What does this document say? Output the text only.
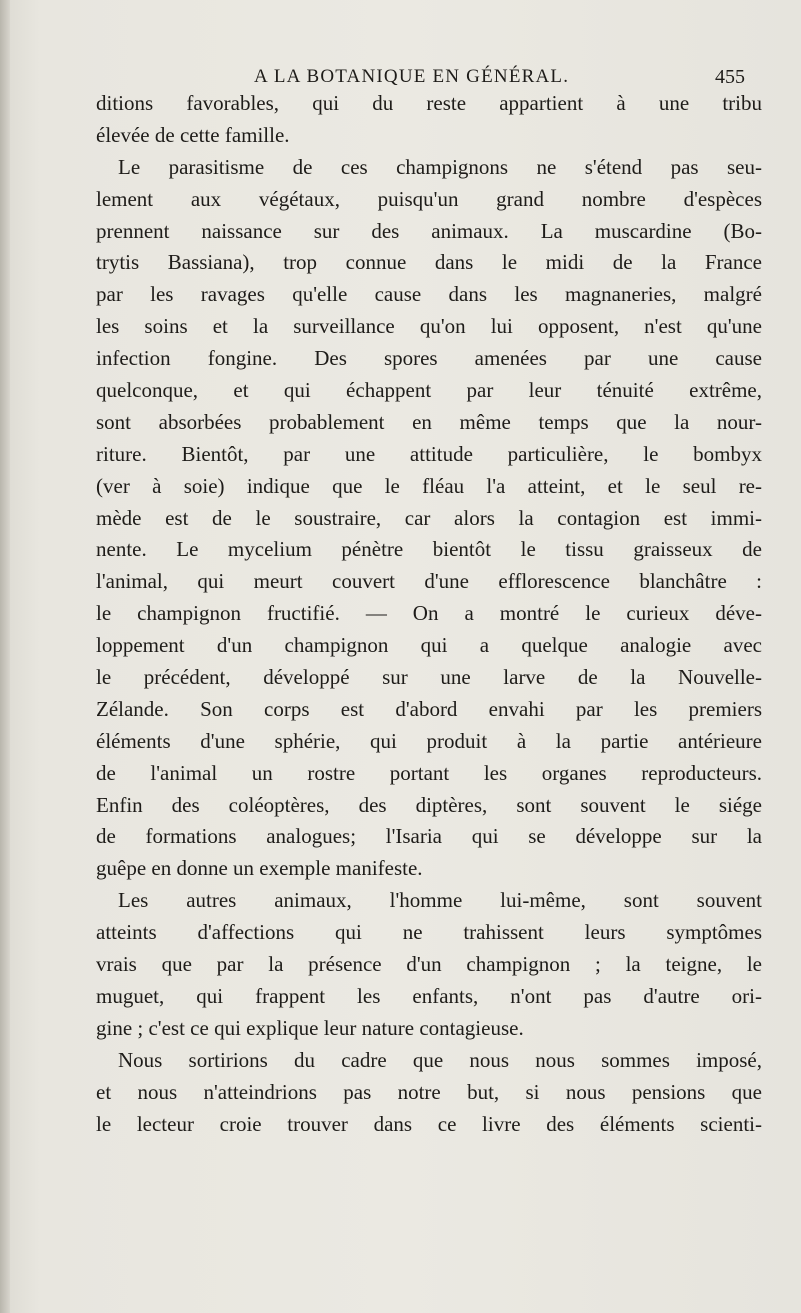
A LA BOTANIQUE EN GÉNÉRAL.	455
ditions favorables, qui du reste appartient à une tribu
élevée de cette famille.
Le parasitisme de ces champignons ne s'étend pas seu-
lement aux végétaux, puisqu'un grand nombre d'espèces
prennent naissance sur des animaux. La muscardine (Bo-
trytis Bassiana), trop connue dans le midi de la France
par les ravages qu'elle cause dans les magnaneries, malgré
les soins et la surveillance qu'on lui opposent, n'est qu'une
infection fongine. Des spores amenées par une cause
quelconque, et qui échappent par leur ténuité extrême,
sont absorbées probablement en même temps que la nour-
riture. Bientôt, par une attitude particulière, le bombyx
(ver à soie) indique que le fléau l'a atteint, et le seul re-
mède est de le soustraire, car alors la contagion est immi-
nente. Le mycelium pénètre bientôt le tissu graisseux de
l'animal, qui meurt couvert d'une efflorescence blanchâtre :
le champignon fructifié. — On a montré le curieux déve-
loppement d'un champignon qui a quelque analogie avec
le précédent, développé sur une larve de la Nouvelle-
Zélande. Son corps est d'abord envahi par les premiers
éléments d'une sphérie, qui produit à la partie antérieure
de l'animal un rostre portant les organes reproducteurs.
Enfin des coléoptères, des diptères, sont souvent le siége
de formations analogues; l'Isaria qui se développe sur la
guêpe en donne un exemple manifeste.
Les autres animaux, l'homme lui-même, sont souvent
atteints d'affections qui ne trahissent leurs symptômes
vrais que par la présence d'un champignon ; la teigne, le
muguet, qui frappent les enfants, n'ont pas d'autre ori-
gine ; c'est ce qui explique leur nature contagieuse.
Nous sortirions du cadre que nous nous sommes imposé,
et nous n'atteindrions pas notre but, si nous pensions que
le lecteur croie trouver dans ce livre des éléments scienti-
